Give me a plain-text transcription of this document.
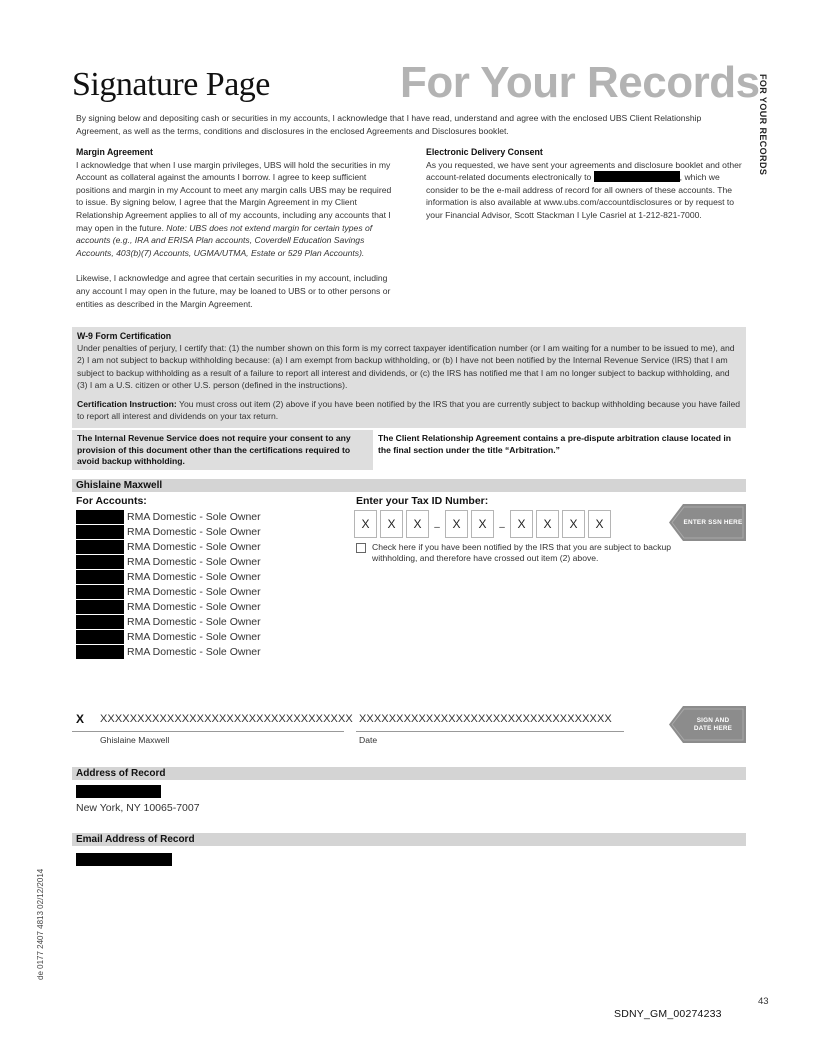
Signature Page	For Your Records
FOR YOUR RECORDS
de 0177 2407 4813 02/12/2014
By signing below and depositing cash or securities in my accounts, I acknowledge that I have read, understand and agree with the enclosed UBS Client Relationship Agreement, as well as the terms, conditions and disclosures in the enclosed Agreements and Disclosures booklet.
Margin Agreement

I acknowledge that when I use margin privileges, UBS will hold the securities in my Account as collateral against the amounts I borrow. I agree to keep sufficient positions and margin in my Account to meet any margin calls UBS may be required to issue. By signing below, I agree that the Margin Agreement in my Client Relationship Agreement applies to all of my accounts, including any accounts that I may open in the future. Note: UBS does not extend margin for certain types of accounts (e.g., IRA and ERISA Plan accounts, Coverdell Education Savings Accounts, 403(b)(7) Accounts, UGMA/UTMA, Estate or 529 Plan Accounts).

Likewise, I acknowledge and agree that certain securities in my account, including any account I may open in the future, may be loaned to UBS or to other persons or entities as described in the Margin Agreement.

Electronic Delivery Consent

As you requested, we have sent your agreements and disclosure booklet and other account-related documents electronically to	, which we consider to be the e-mail address of record for all owners of these accounts. The information is also available at www.ubs.com/accountdisclosures or by request to your Financial Advisor, Scott Stackman I Lyle Casriel at 1-212-821-7000.

W-9 Form Certification
Under penalties of perjury, I certify that: (1) the number shown on this form is my correct taxpayer identification number (or I am waiting for a number to be issued to me), and 2) I am not subject to backup withholding because: (a) I am exempt from backup withholding, or (b) I have not been notified by the Internal Revenue Service (IRS) that I am subject to backup withholding as a result of a failure to report all interest and dividends, or (c) the IRS has notified me that I am no longer subject to backup withholding, and (3) I am a U.S. citizen or other U.S. person (defined in the instructions).
Certification Instruction: You must cross out item (2) above if you have been notified by the IRS that you are currently subject to backup withholding because you have failed to report all interest and dividends on your tax return.
The Internal Revenue Service does not require your consent to any provision of this document other than the certifications required to avoid backup withholding.
The Client Relationship Agreement contains a pre-dispute arbitration clause located in the final section under the title “Arbitration.”
Ghislaine Maxwell
For Accounts:
RMA Domestic - Sole Owner
RMA Domestic - Sole Owner
RMA Domestic - Sole Owner
RMA Domestic - Sole Owner
RMA Domestic - Sole Owner
RMA Domestic - Sole Owner
RMA Domestic - Sole Owner
RMA Domestic - Sole Owner
RMA Domestic - Sole Owner
RMA Domestic - Sole Owner
Enter your Tax ID Number:
X	X	X	–	X	X	–	X	X	X	X
Check here if you have been notified by the IRS that you are subject to backup withholding, and therefore have crossed out item (2) above.
ENTER SSN HERE
X XXXXXXXXXXXXXXXXXXXXXXXXXXXXXXXXXX XXXXXXXXXXXXXXXXXXXXXXXXXXXXXXXXXX
Ghislaine Maxwell	Date
SIGN AND
DATE HERE
Address of Record
New York, NY 10065-7007
Email Address of Record
43
SDNY_GM_00274233
